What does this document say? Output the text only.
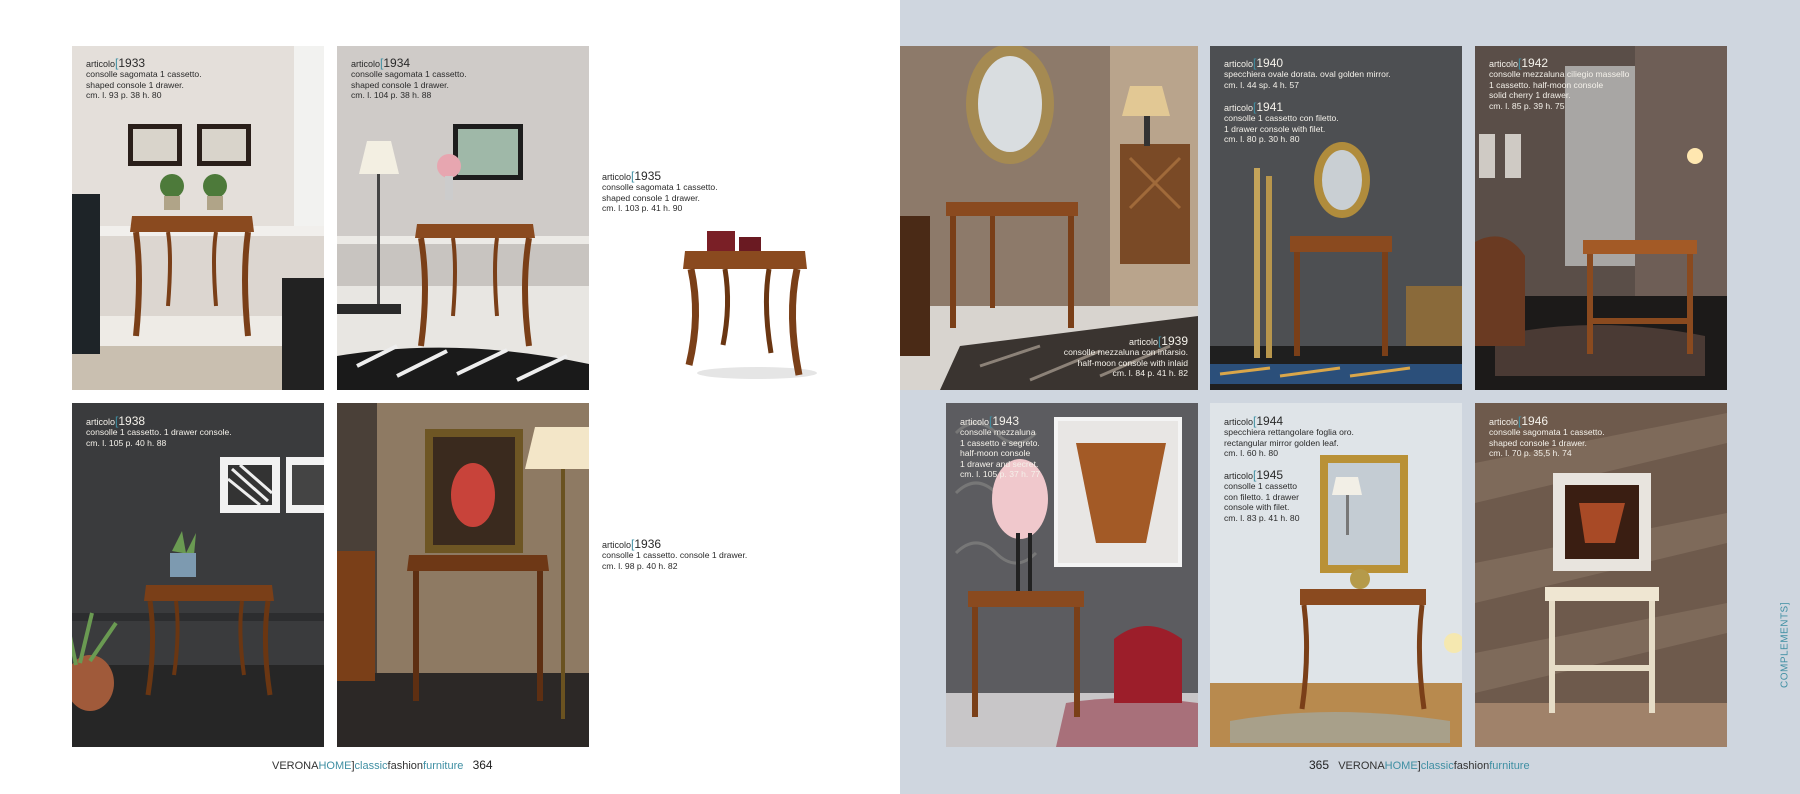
articolo[1933
consolle sagomata 1 cassetto.
shaped console 1 drawer.
cm. l. 93 p. 38 h. 80
articolo[1934
consolle sagomata 1 cassetto.
shaped console 1 drawer.
cm. l. 104 p. 38 h. 88
articolo[1935
consolle sagomata 1 cassetto.
shaped console 1 drawer.
cm. l. 103 p. 41 h. 90
articolo[1938
consolle 1 cassetto. 1 drawer console.
cm. l. 105 p. 40 h. 88
articolo[1936
consolle 1 cassetto. console 1 drawer.
cm. l. 98 p. 40 h. 82
VERONAHOME]classicfashionfurniture 364
articolo[1939
consolle mezzaluna con intarsio.
half-moon console with inlaid
cm. l. 84 p. 41 h. 82
articolo[1940
specchiera ovale dorata. oval golden mirror.
cm. l. 44 sp. 4 h. 57
articolo[1941
consolle 1 cassetto con filetto.
1 drawer console with filet.
cm. l. 80 p. 30 h. 80
articolo[1942
consolle mezzaluna ciliegio massello
1 cassetto. half-moon console
solid cherry 1 drawer.
cm. l. 85 p. 39 h. 75
articolo[1943
consolle mezzaluna
1 cassetto e segreto.
half-moon console
1 drawer and secret.
cm. l. 105 p. 37 h. 77
articolo[1944
specchiera rettangolare foglia oro.
rectangular mirror golden leaf.
cm. l. 60 h. 80
articolo[1945
consolle 1 cassetto
con filetto. 1 drawer
console with filet.
cm. l. 83 p. 41 h. 80
articolo[1946
consolle sagomata 1 cassetto.
shaped console 1 drawer.
cm. l. 70 p. 35,5 h. 74
365 VERONAHOME]classicfashionfurniture
COMPLEMENTS]
